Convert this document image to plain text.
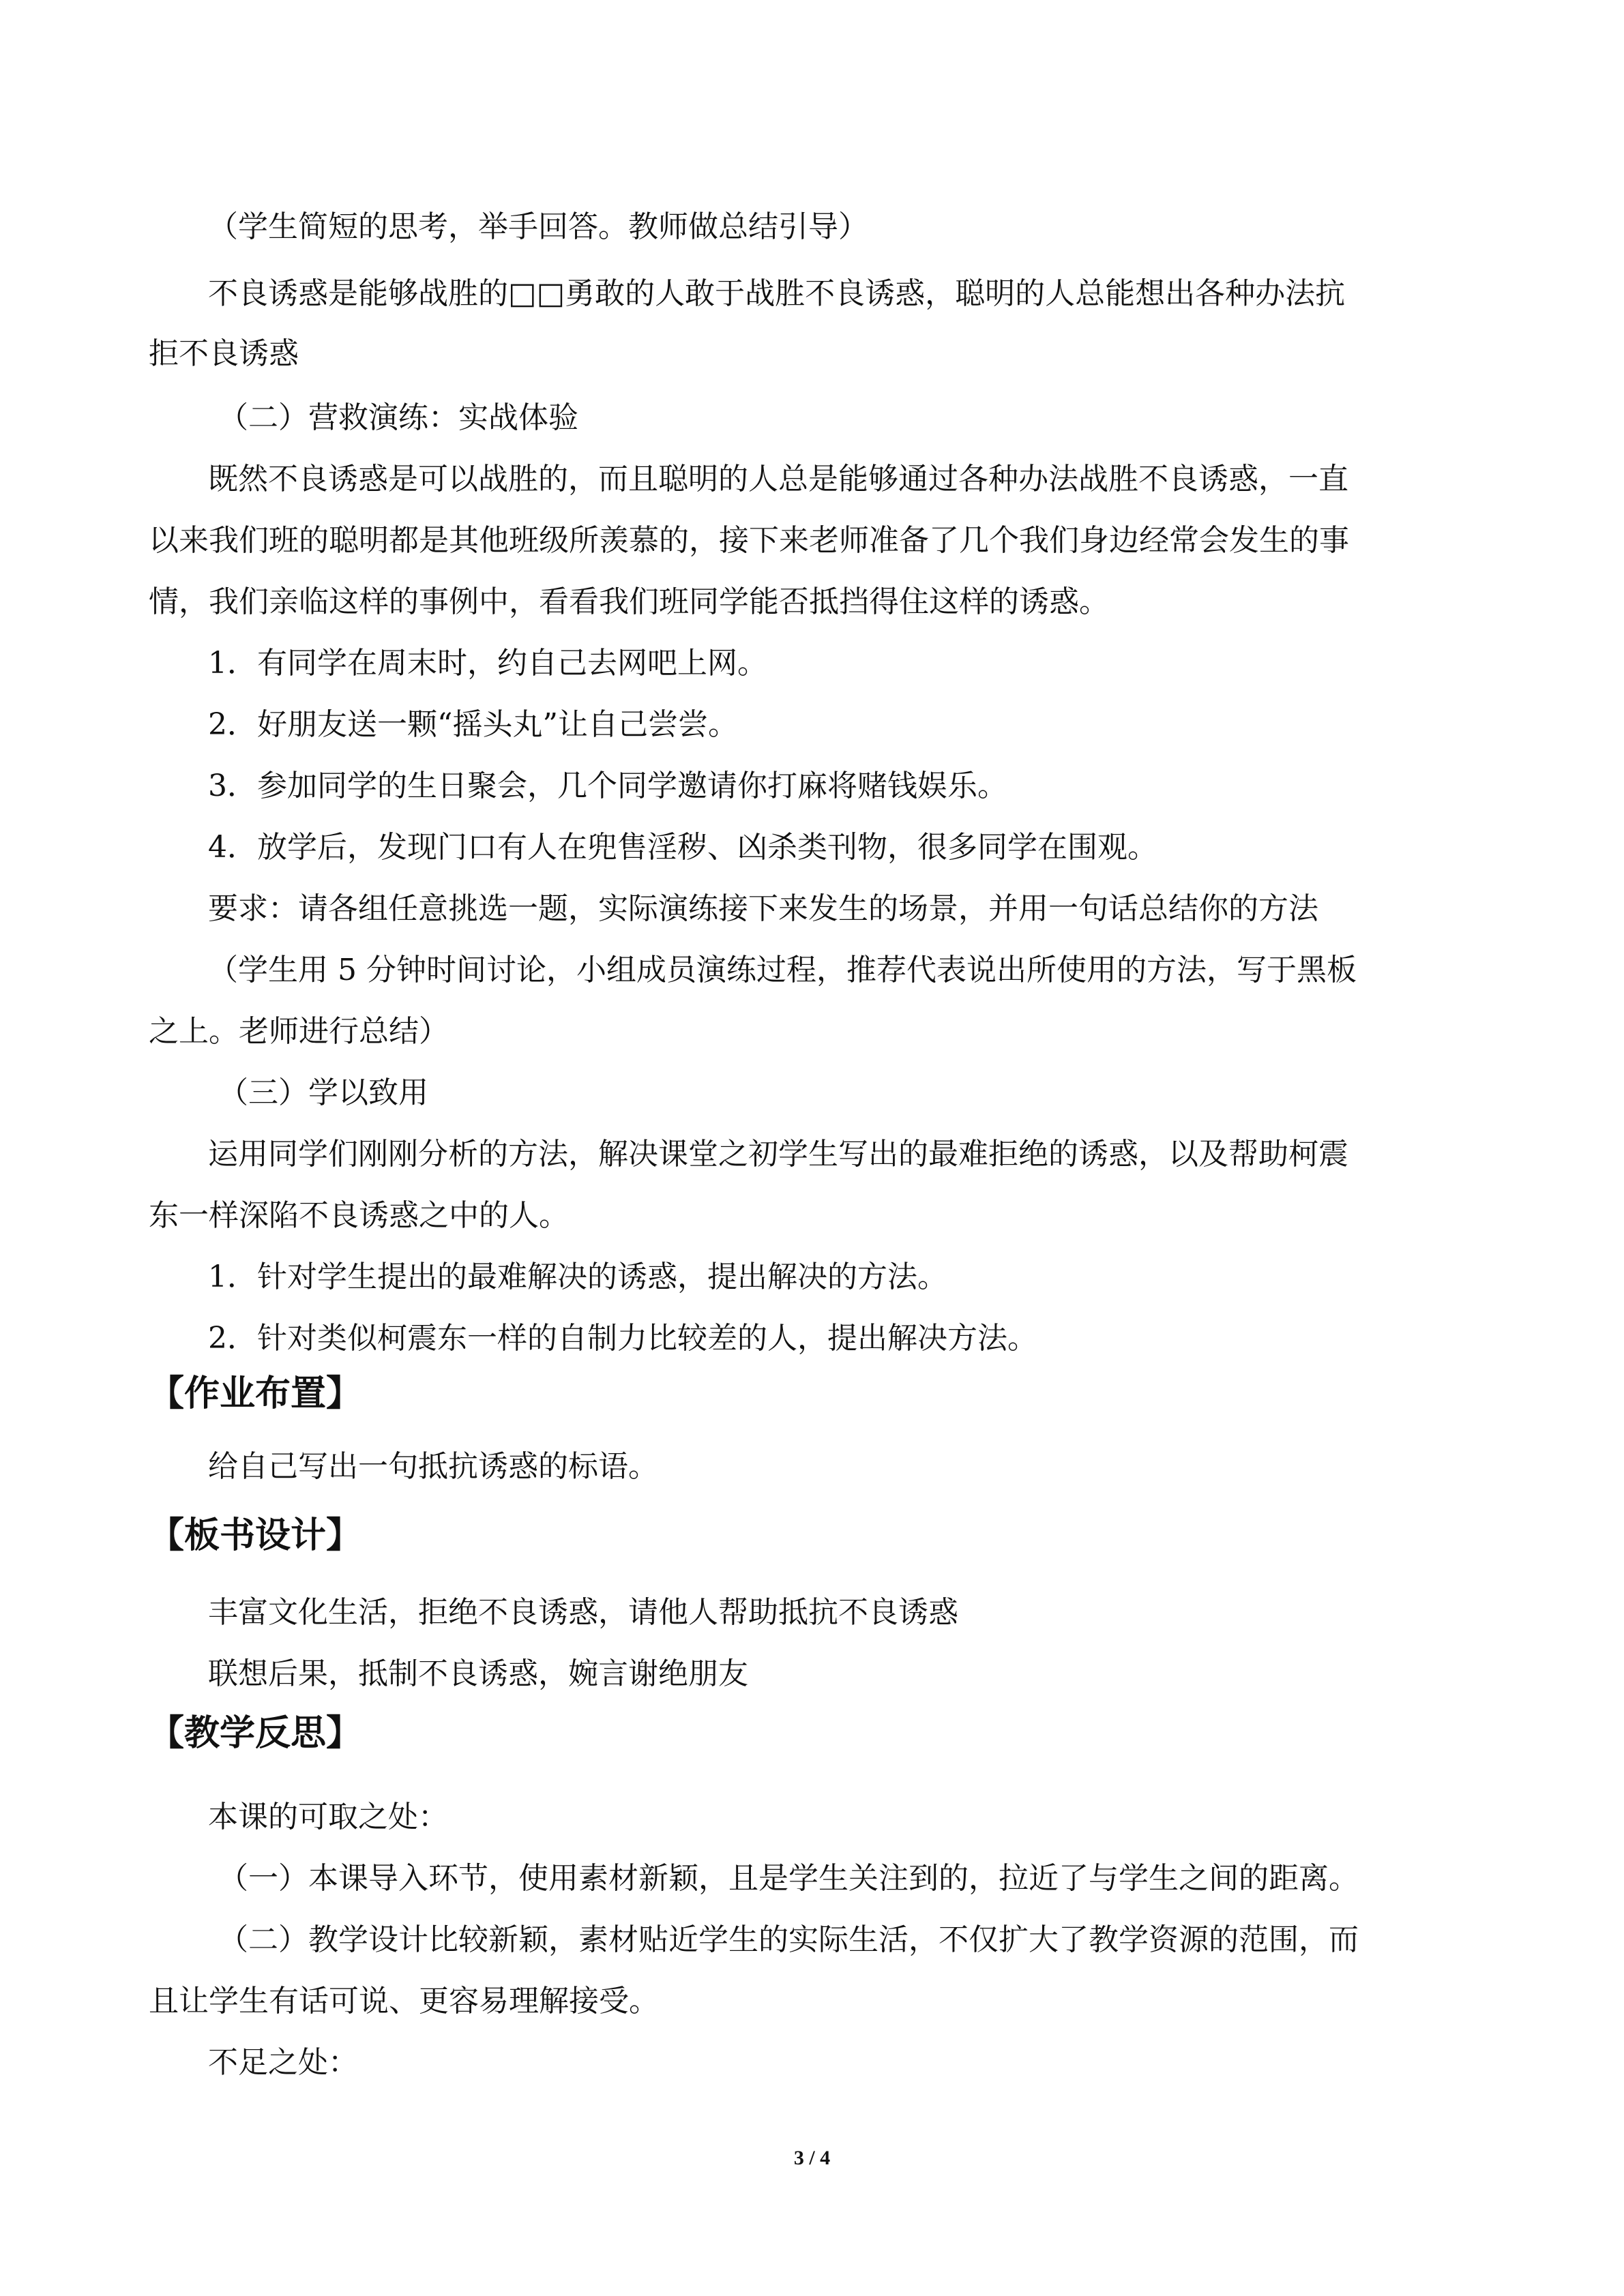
（学生简短的思考，举手回答。教师做总结引导）

不良诱惑是能够战胜的□□勇敢的人敢于战胜不良诱惑，聪明的人总能想出各种办法抗

拒不良诱惑

（二）营救演练：实战体验

既然不良诱惑是可以战胜的，而且聪明的人总是能够通过各种办法战胜不良诱惑，一直

以来我们班的聪明都是其他班级所羡慕的，接下来老师准备了几个我们身边经常会发生的事

情，我们亲临这样的事例中，看看我们班同学能否抵挡得住这样的诱惑。

1．有同学在周末时，约自己去网吧上网。

2．好朋友送一颗“摇头丸”让自己尝尝。

3．参加同学的生日聚会，几个同学邀请你打麻将赌钱娱乐。

4．放学后，发现门口有人在兜售淫秽、凶杀类刊物，很多同学在围观。

要求：请各组任意挑选一题，实际演练接下来发生的场景，并用一句话总结你的方法

（学生用 5 分钟时间讨论，小组成员演练过程，推荐代表说出所使用的方法，写于黑板

之上。老师进行总结）

（三）学以致用

运用同学们刚刚分析的方法，解决课堂之初学生写出的最难拒绝的诱惑，以及帮助柯震

东一样深陷不良诱惑之中的人。

1．针对学生提出的最难解决的诱惑，提出解决的方法。

2．针对类似柯震东一样的自制力比较差的人，提出解决方法。

【作业布置】

给自己写出一句抵抗诱惑的标语。

【板书设计】

丰富文化生活，拒绝不良诱惑，请他人帮助抵抗不良诱惑

联想后果，抵制不良诱惑，婉言谢绝朋友

【教学反思】

本课的可取之处：

（一）本课导入环节，使用素材新颖，且是学生关注到的，拉近了与学生之间的距离。

（二）教学设计比较新颖，素材贴近学生的实际生活，不仅扩大了教学资源的范围，而

且让学生有话可说、更容易理解接受。

不足之处：

3 / 4
